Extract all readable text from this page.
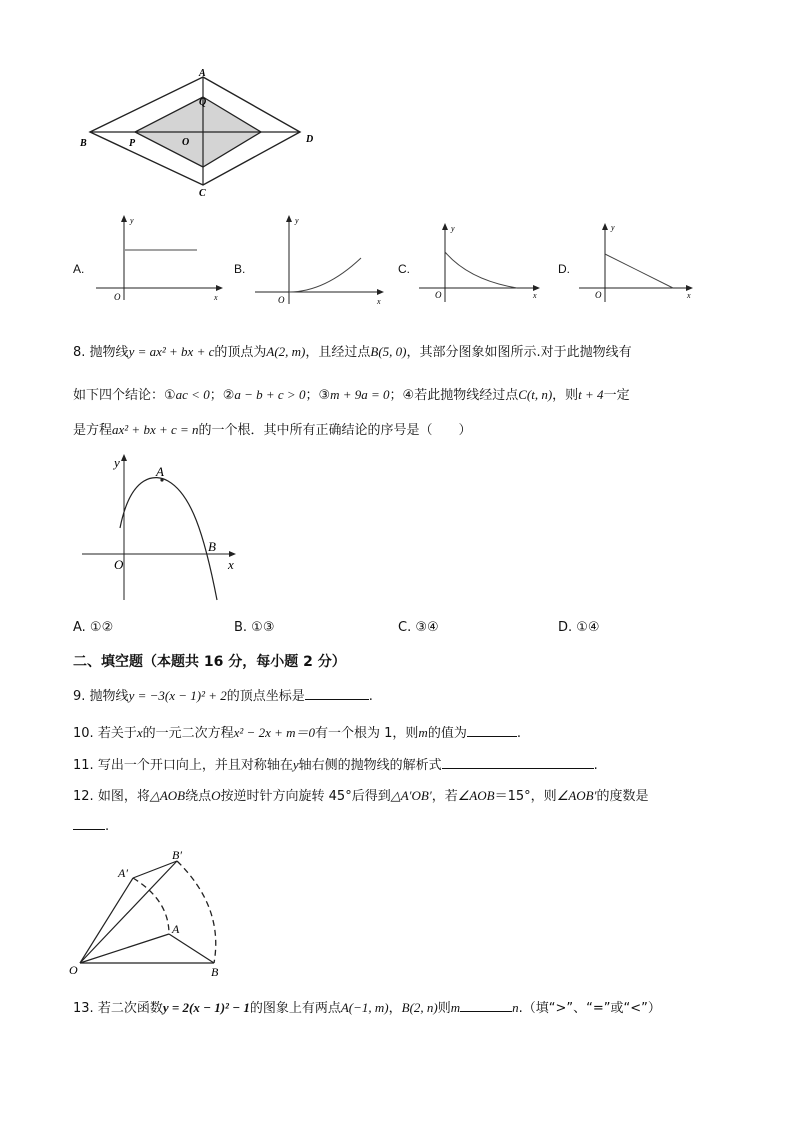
A
Q
O
P
B	D
C
A.
y
x
O
B.
y
x
O
C.
y
x
O
D.
y
x
O
8. 抛物线y = ax² + bx + c的顶点为A(2, m)，且经过点B(5, 0)，其部分图象如图所示.对于此抛物线有
如下四个结论：①ac < 0；②a − b + c > 0；③m + 9a = 0；④若此抛物线经过点C(t, n)，则t + 4一定
是方程ax² + bx + c = n的一个根．其中所有正确结论的序号是（　　）
y
A
O
B
x
A. ①②	B. ①③	C. ③④	D. ①④
二、填空题（本题共 16 分，每小题 2 分）
9. 抛物线y = −3(x − 1)² + 2的顶点坐标是	.
10. 若关于x的一元二次方程x² − 2x + m＝0有一个根为 1，则m的值为	.
11. 写出一个开口向上，并且对称轴在y轴右侧的抛物线的解析式	.
12. 如图，将△AOB绕点O按逆时针方向旋转 45°后得到△A′OB′，若∠AOB＝15°，则∠AOB′的度数是
.
A′
B′
A
O	B
13. 若二次函数y = 2(x − 1)² − 1的图象上有两点A(−1, m)，B(2, n)则m	n.（填“>”、“=”或“<”）
